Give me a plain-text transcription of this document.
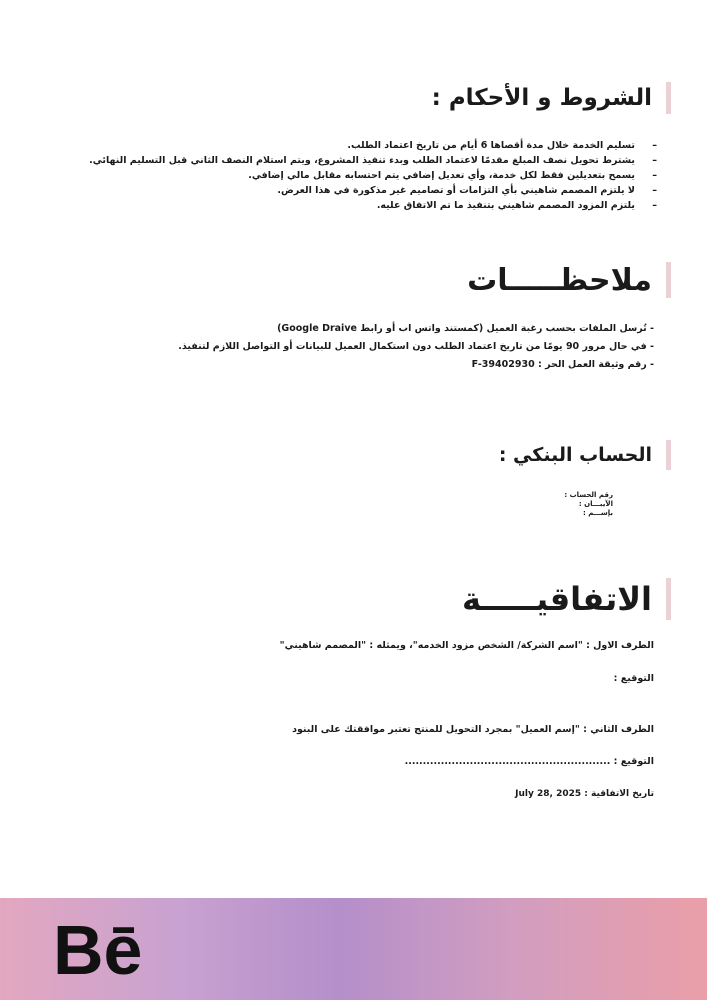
الشروط و الأحكام :
–تسليم الخدمة خلال مدة أقصاها 6 أيام من تاريخ اعتماد الطلب.
–يشترط تحويل نصف المبلغ مقدمًا لاعتماد الطلب وبدء تنفيذ المشروع، ويتم استلام النصف الثاني قبل التسليم النهائي.
–يسمح بتعديلين فقط لكل خدمة، وأي تعديل إضافي يتم احتسابه مقابل مالي إضافي.
–لا يلتزم المصمم شاهيني بأي التزامات أو تصاميم غير مذكورة في هذا العرض.
–يلتزم المزود المصمم شاهيني بتنفيذ ما تم الاتفاق عليه.
ملاحظـــــات
- تُرسل الملفات بحسب رغبة العميل (كمستند واتس اب أو رابط Google Draive)
- في حال مرور 90 يومًا من تاريخ اعتماد الطلب دون استكمال العميل للبيانات أو التواصل اللازم لتنفيذ.
- رقم وثيقة العمل الحر : F-39402930
الحساب البنكي :
رقم الحساب :
الآيبـــان :
بإســـم :
الاتفاقيـــــة
الطرف الاول : "اسم الشركة/ الشخص مزود الخدمه"، ويمثله : "المصمم شاهيني"
التوقيع :
الطرف الثاني : "إسم العميل" بمجرد التحويل للمنتج تعتبر موافقتك على البنود
التوقيع : .........................................................
تاريخ الاتفاقية : July 28, 2025
Bē
